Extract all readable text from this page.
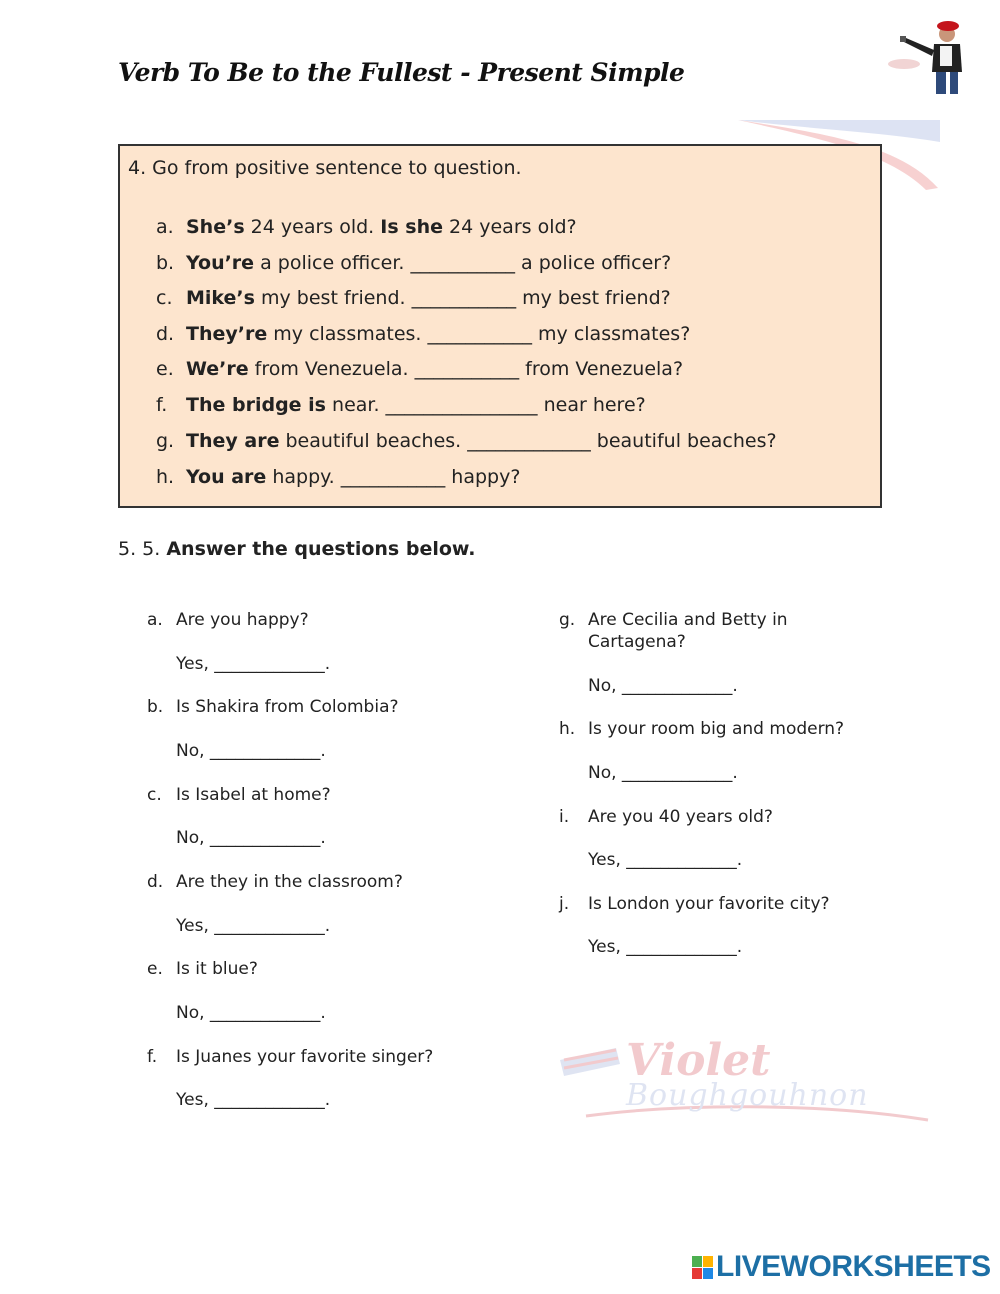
Verb To Be to the Fullest - Present Simple
4. Go from positive sentence to question.
a. She’s 24 years old. Is she 24 years old?
b. You’re a police officer. ___________ a police officer?
c. Mike’s my best friend. ___________ my best friend?
d. They’re my classmates. ___________ my classmates?
e. We’re from Venezuela. ___________ from Venezuela?
f. The bridge is near. ________________ near here?
g. They are beautiful beaches. _____________ beautiful beaches?
h. You are happy. ___________ happy?
5. 5. Answer the questions below.
a. Are you happy?
Yes, _____________.
b. Is Shakira from Colombia?
No, _____________.
c. Is Isabel at home?
No, _____________.
d. Are they in the classroom?
Yes, _____________.
e. Is it blue?
No, _____________.
f. Is Juanes your favorite singer?
Yes, _____________.
g. Are Cecilia and Betty in Cartagena?
No, _____________.
h. Is your room big and modern?
No, _____________.
i. Are you 40 years old?
Yes, _____________.
j. Is London your favorite city?
Yes, _____________.
Violet
Boughgouhnon
LIVEWORKSHEETS
